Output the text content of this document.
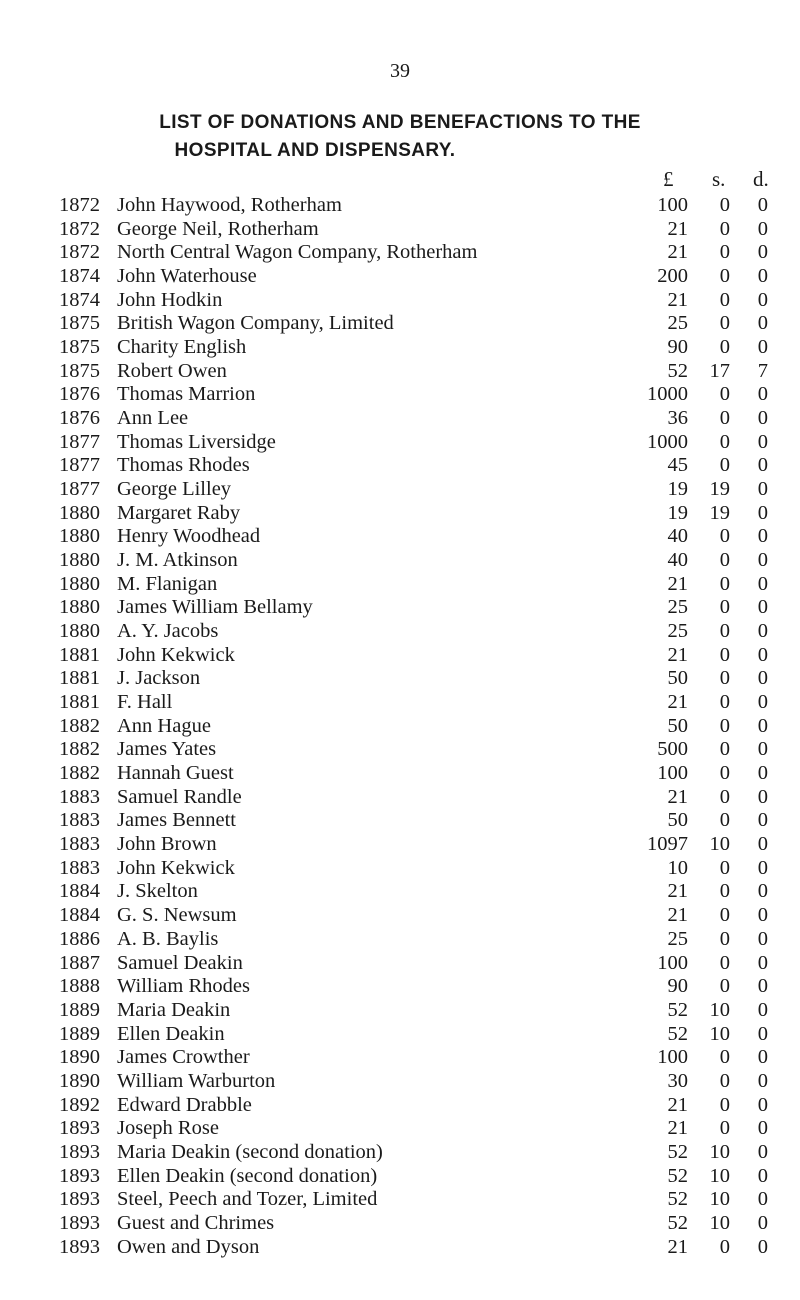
39
LIST OF DONATIONS AND BENEFACTIONS TO THE
HOSPITAL AND DISPENSARY.
£ s. d.
1872 John Haywood, Rotherham	100	0	0
1872 George Neil, Rotherham	21	0	0
1872 North Central Wagon Company, Rotherham	21	0	0
1874 John Waterhouse	200	0	0
1874 John Hodkin	21	0	0
1875 British Wagon Company, Limited	25	0	0
1875 Charity English	90	0	0
1875 Robert Owen	52	17	7
1876 Thomas Marrion	1000	0	0
1876 Ann Lee	36	0	0
1877 Thomas Liversidge	1000	0	0
1877 Thomas Rhodes	45	0	0
1877 George Lilley	19	19	0
1880 Margaret Raby	19	19	0
1880 Henry Woodhead	40	0	0
1880 J. M. Atkinson	40	0	0
1880 M. Flanigan	21	0	0
1880 James William Bellamy	25	0	0
1880 A. Y. Jacobs	25	0	0
1881 John Kekwick	21	0	0
1881 J. Jackson	50	0	0
1881 F. Hall	21	0	0
1882 Ann Hague	50	0	0
1882 James Yates	500	0	0
1882 Hannah Guest	100	0	0
1883 Samuel Randle	21	0	0
1883 James Bennett	50	0	0
1883 John Brown	1097	10	0
1883 John Kekwick	10	0	0
1884 J. Skelton	21	0	0
1884 G. S. Newsum	21	0	0
1886 A. B. Baylis	25	0	0
1887 Samuel Deakin	100	0	0
1888 William Rhodes	90	0	0
1889 Maria Deakin	52	10	0
1889 Ellen Deakin	52	10	0
1890 James Crowther	100	0	0
1890 William Warburton	30	0	0
1892 Edward Drabble	21	0	0
1893 Joseph Rose	21	0	0
1893 Maria Deakin (second donation)	52	10	0
1893 Ellen Deakin (second donation)	52	10	0
1893 Steel, Peech and Tozer, Limited	52	10	0
1893 Guest and Chrimes	52	10	0
1893 Owen and Dyson	21	0	0
